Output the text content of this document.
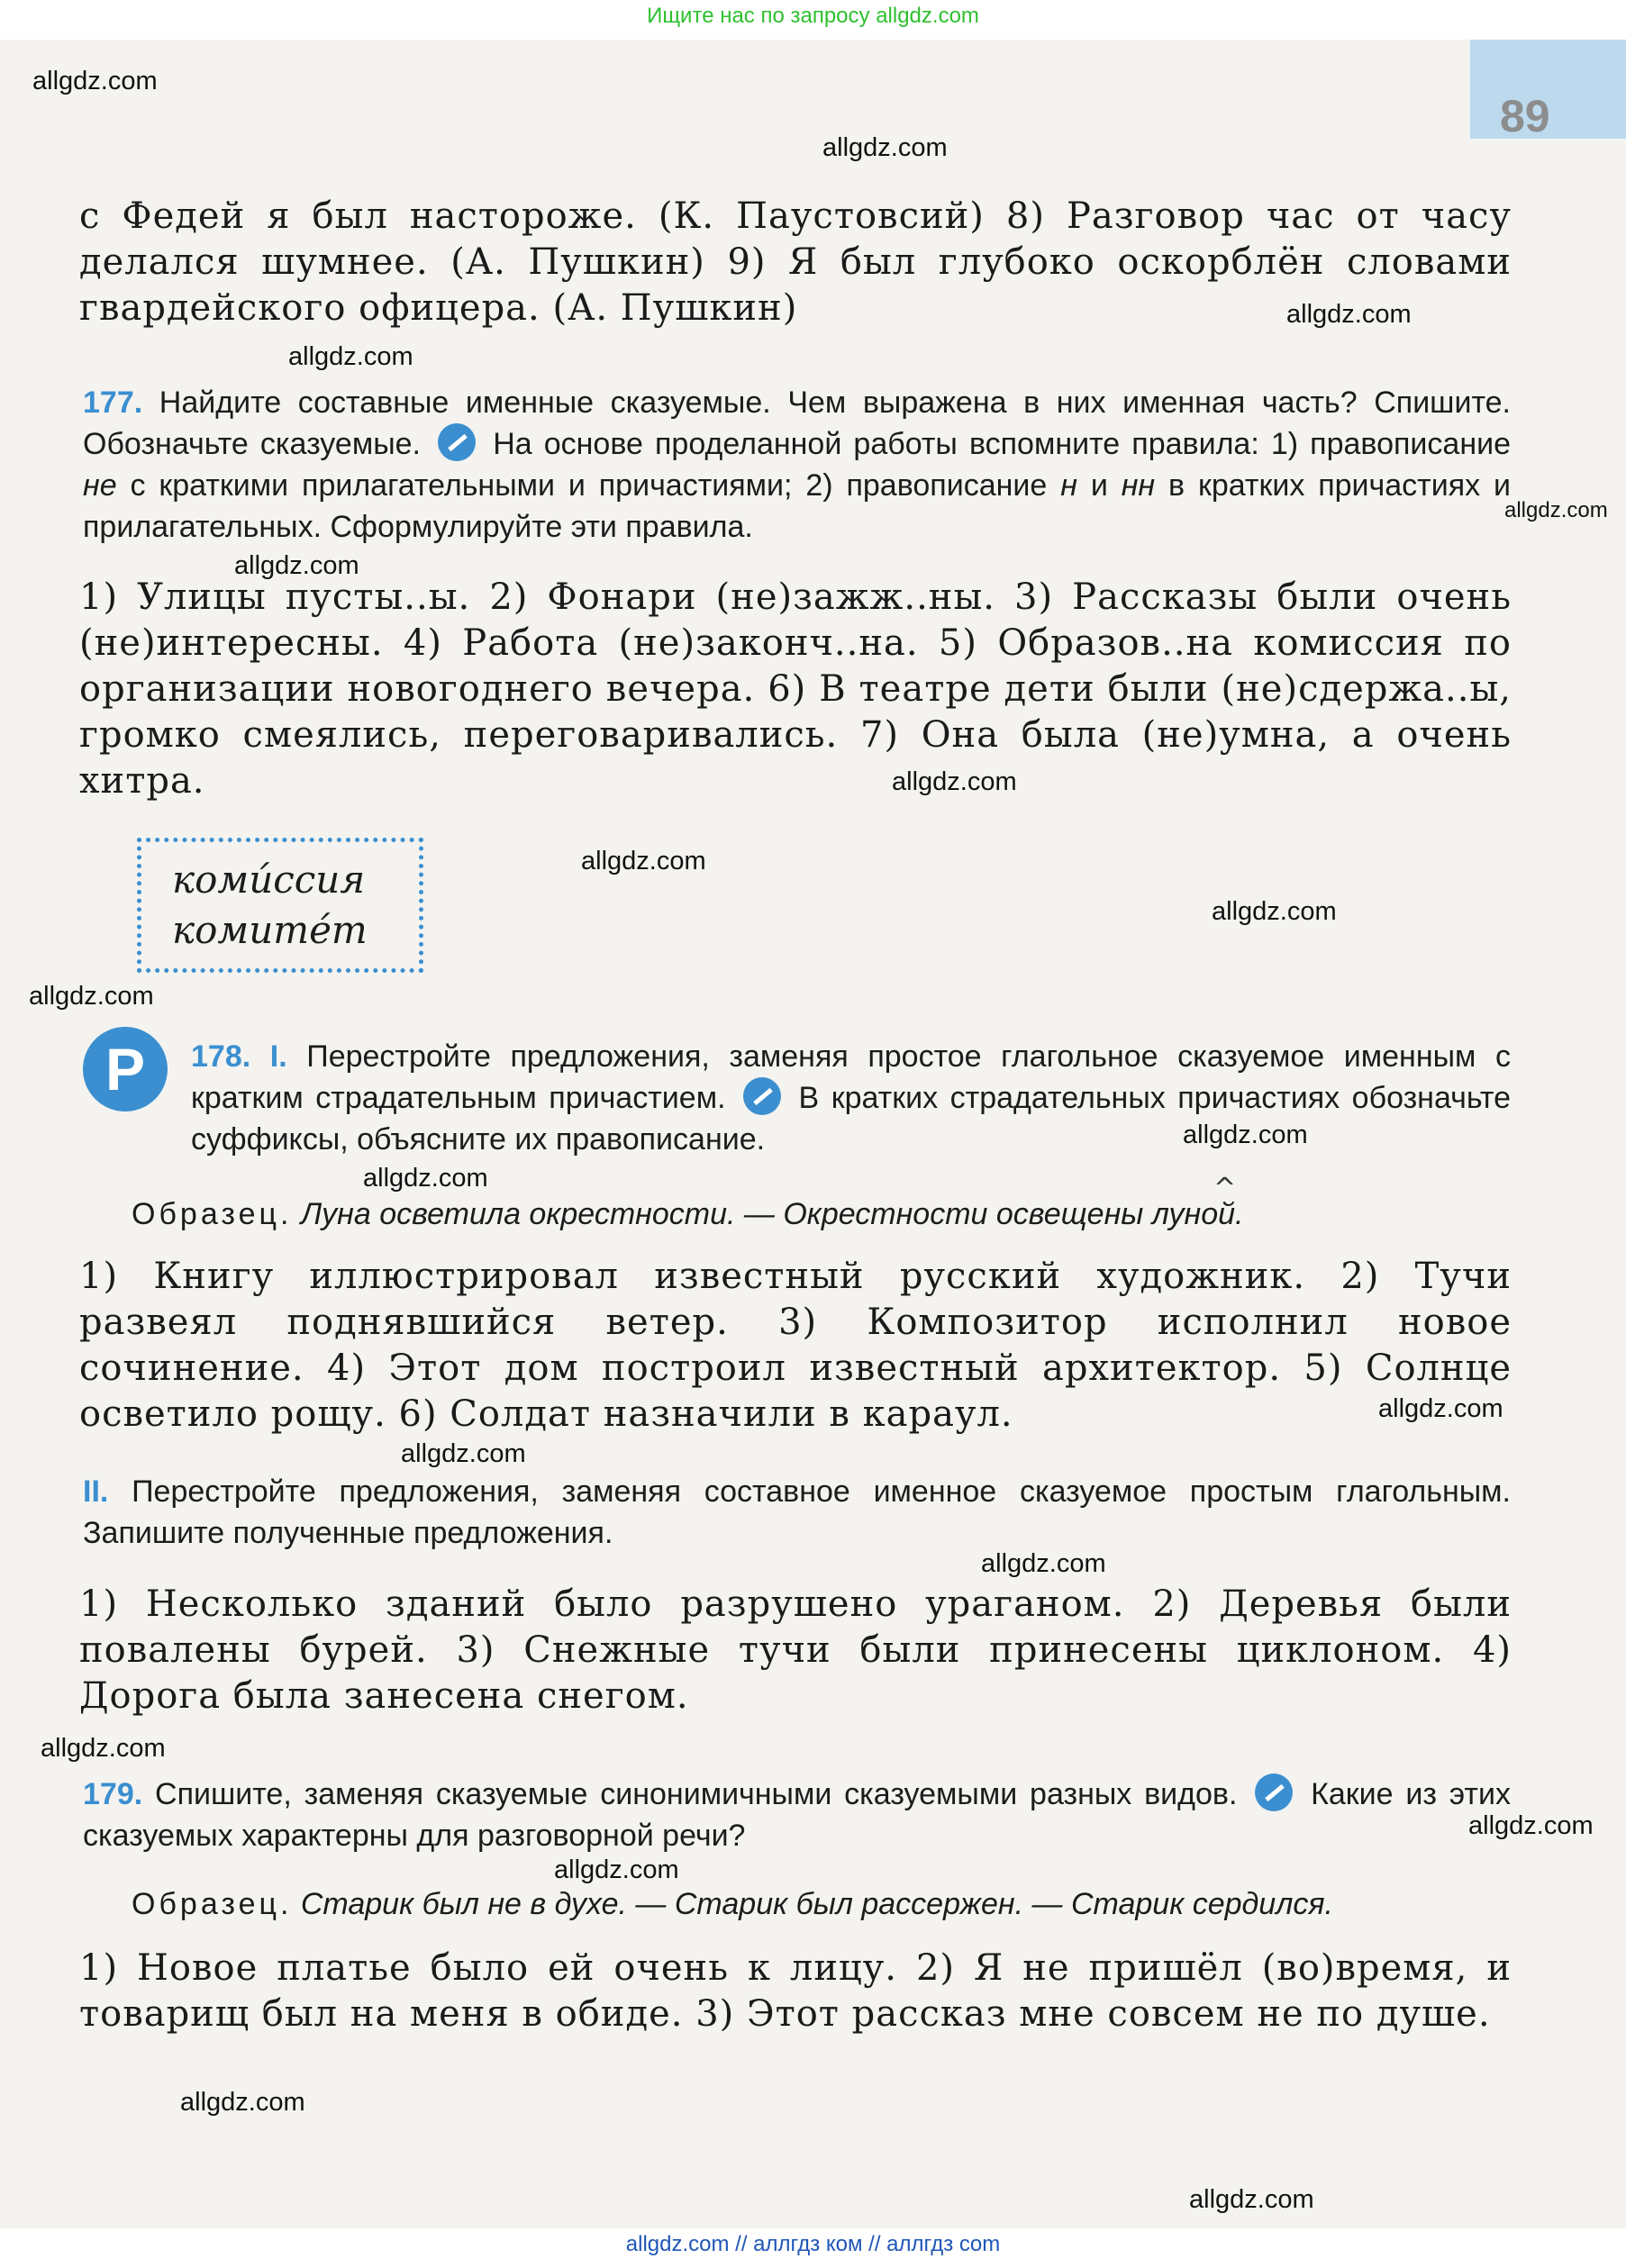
Ищите нас по запросу allgdz.com
89
с Федей я был настороже. (К. Паустовсий) 8) Разговор час от часу делался шумнее. (А. Пушкин) 9) Я был глубоко оскорблён словами гвардейского офицера. (А. Пушкин)
177. Найдите составные именные сказуемые. Чем выражена в них именная часть? Спишите. Обозначьте сказуемые. На основе проделанной работы вспомните правила: 1) правописание не с краткими прилагательными и причастиями; 2) правописание н и нн в кратких причастиях и прилагательных. Сформулируйте эти правила.
1) Улицы пусты..ы. 2) Фонари (не)зажж..ны. 3) Рассказы были очень (не)интересны. 4) Работа (не)законч..на. 5) Образов..на комиссия по организации новогоднего вечера. 6) В театре дети были (не)сдержа..ы, громко смеялись, переговаривались. 7) Она была (не)умна, а очень хитра.
комúссия
комитéт
Р	178. I. Перестройте предложения, заменяя простое глагольное сказуемое именным с кратким страдательным причастием. В кратких страдательных причастиях обозначьте суффиксы, объясните их правописание.
Образец. Луна осветила окрестности. — Окрестности освещены луной.
^
1) Книгу иллюстрировал известный русский художник. 2) Тучи развеял поднявшийся ветер. 3) Композитор исполнил новое сочинение. 4) Этот дом построил известный архитектор. 5) Солнце осветило рощу. 6) Солдат назначили в караул.
II. Перестройте предложения, заменяя составное именное сказуемое простым глагольным. Запишите полученные предложения.
1) Несколько зданий было разрушено ураганом. 2) Деревья были повалены бурей. 3) Снежные тучи были принесены циклоном. 4) Дорога была занесена снегом.
179. Спишите, заменяя сказуемые синонимичными сказуемыми разных видов. Какие из этих сказуемых характерны для разговорной речи?
Образец. Старик был не в духе. — Старик был рассержен. — Старик сердился.
1) Новое платье было ей очень к лицу. 2) Я не пришёл (во)время, и товарищ был на меня в обиде. 3) Этот рассказ мне совсем не по душе.
allgdz.com
allgdz.com
allgdz.com
allgdz.com
allgdz.com
allgdz.com
allgdz.com
allgdz.com
allgdz.com
allgdz.com
allgdz.com
allgdz.com
allgdz.com
allgdz.com
allgdz.com
allgdz.com
allgdz.com
allgdz.com
allgdz.com
allgdz.com
allgdz.com // аллгдз ком // аллгдз com
